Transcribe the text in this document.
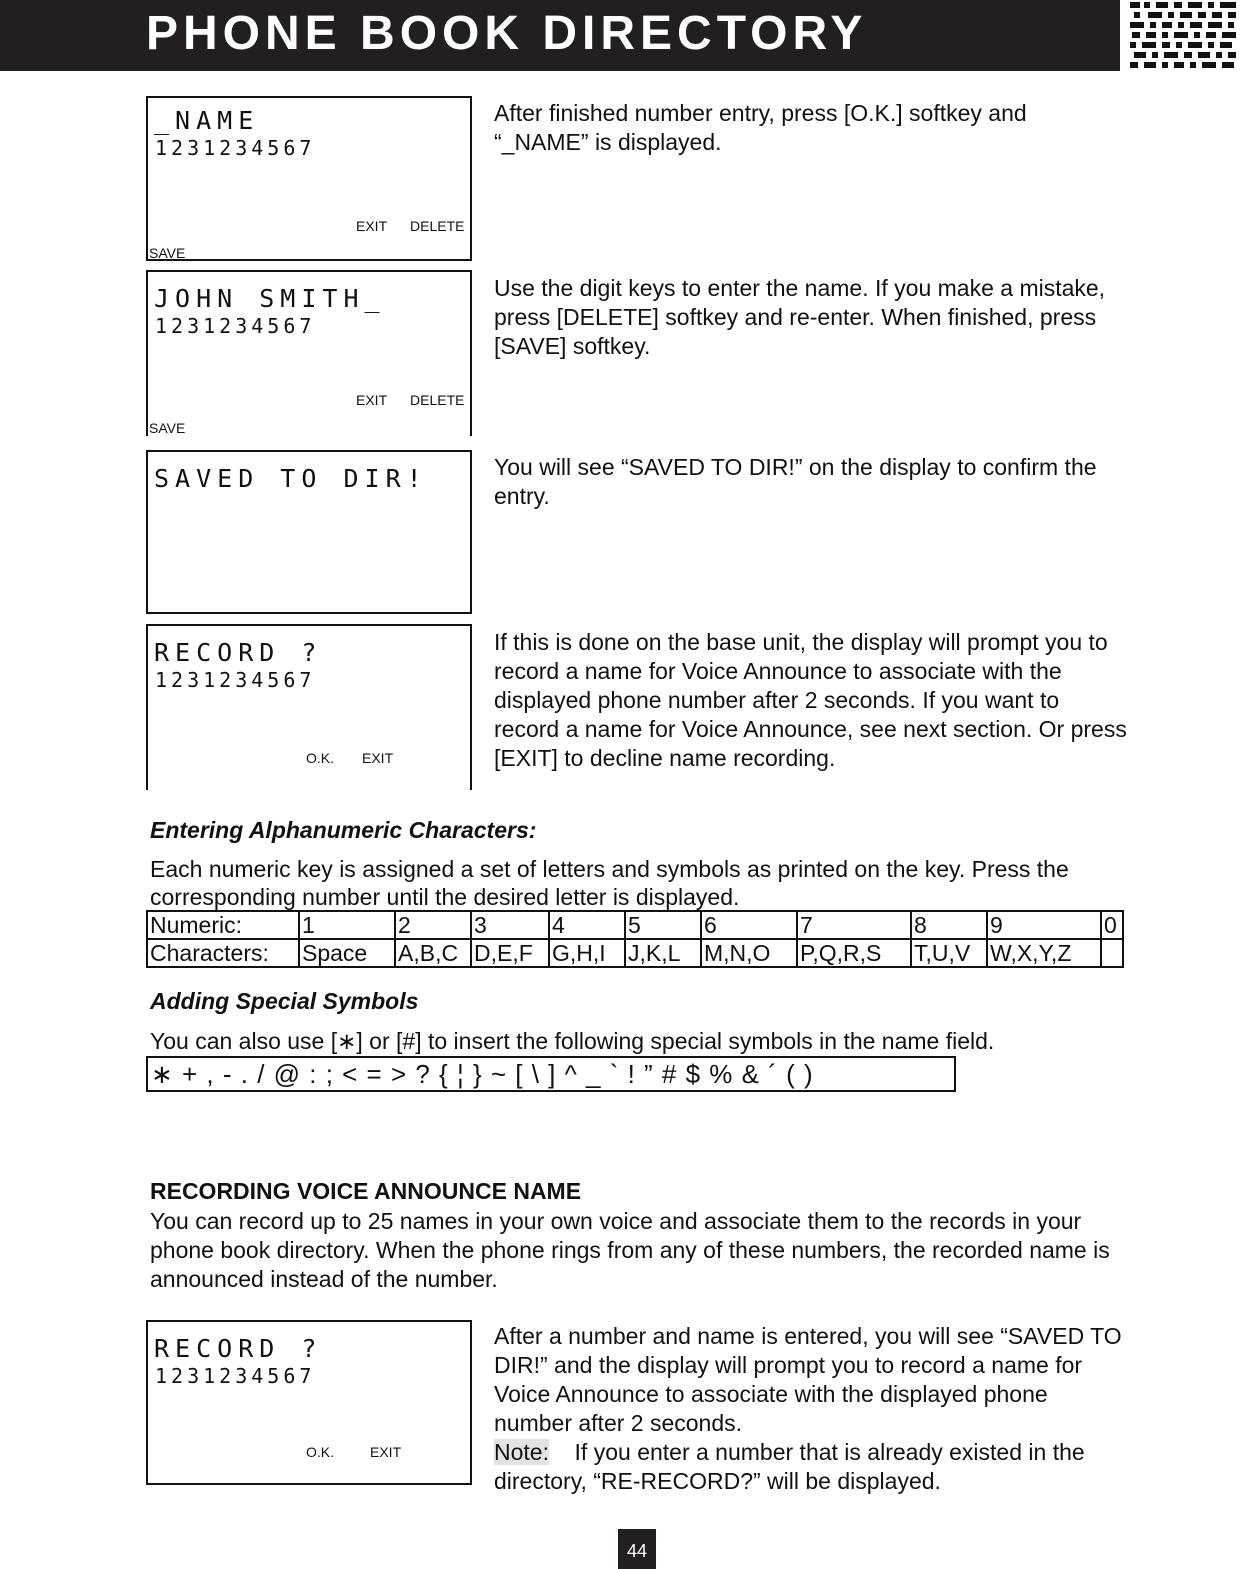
PHONE BOOK DIRECTORY
_NAME
1231234567
EXIT DELETE
SAVE

After finished number entry, press [O.K.] softkey and “_NAME” is displayed.

JOHN SMITH_
1231234567
EXIT DELETE
SAVE

Use the digit keys to enter the name. If you make a mistake, press [DELETE] softkey and re-enter. When finished, press [SAVE] softkey.

SAVED TO DIR!	You will see “SAVED TO DIR!” on the display to confirm the entry.

RECORD ?
1231234567
O.K. EXIT

If this is done on the base unit, the display will prompt you to record a name for Voice Announce to associate with the displayed phone number after 2 seconds. If you want to record a name for Voice Announce, see next section. Or press [EXIT] to decline name recording.

Entering Alphanumeric Characters:
Each numeric key is assigned a set of letters and symbols as printed on the key. Press the corresponding number until the desired letter is displayed.
Numeric:	1	2	3	4	5	6	7	8	9	0
Characters:	Space	A,B,C	D,E,F	G,H,I	J,K,L	M,N,O	P,Q,R,S	T,U,V	W,X,Y,Z	
Adding Special Symbols
You can also use [∗] or [#] to insert the following special symbols in the name field.
∗ + , - . / @ : ; < = > ? { ¦ } ~ [ \ ] ^ _ ` ! ” # $ % & ´ ( )
RECORDING VOICE ANNOUNCE NAME
You can record up to 25 names in your own voice and associate them to the records in your phone book directory. When the phone rings from any of these numbers, the recorded name is announced instead of the number.
RECORD ?
1231234567
O.K.	EXIT

After a number and name is entered, you will see “SAVED TO DIR!” and the display will prompt you to record a name for Voice Announce to associate with the displayed phone number after 2 seconds.

Note:    If you enter a number that is already existed in the directory, “RE-RECORD?” will be displayed.

44
